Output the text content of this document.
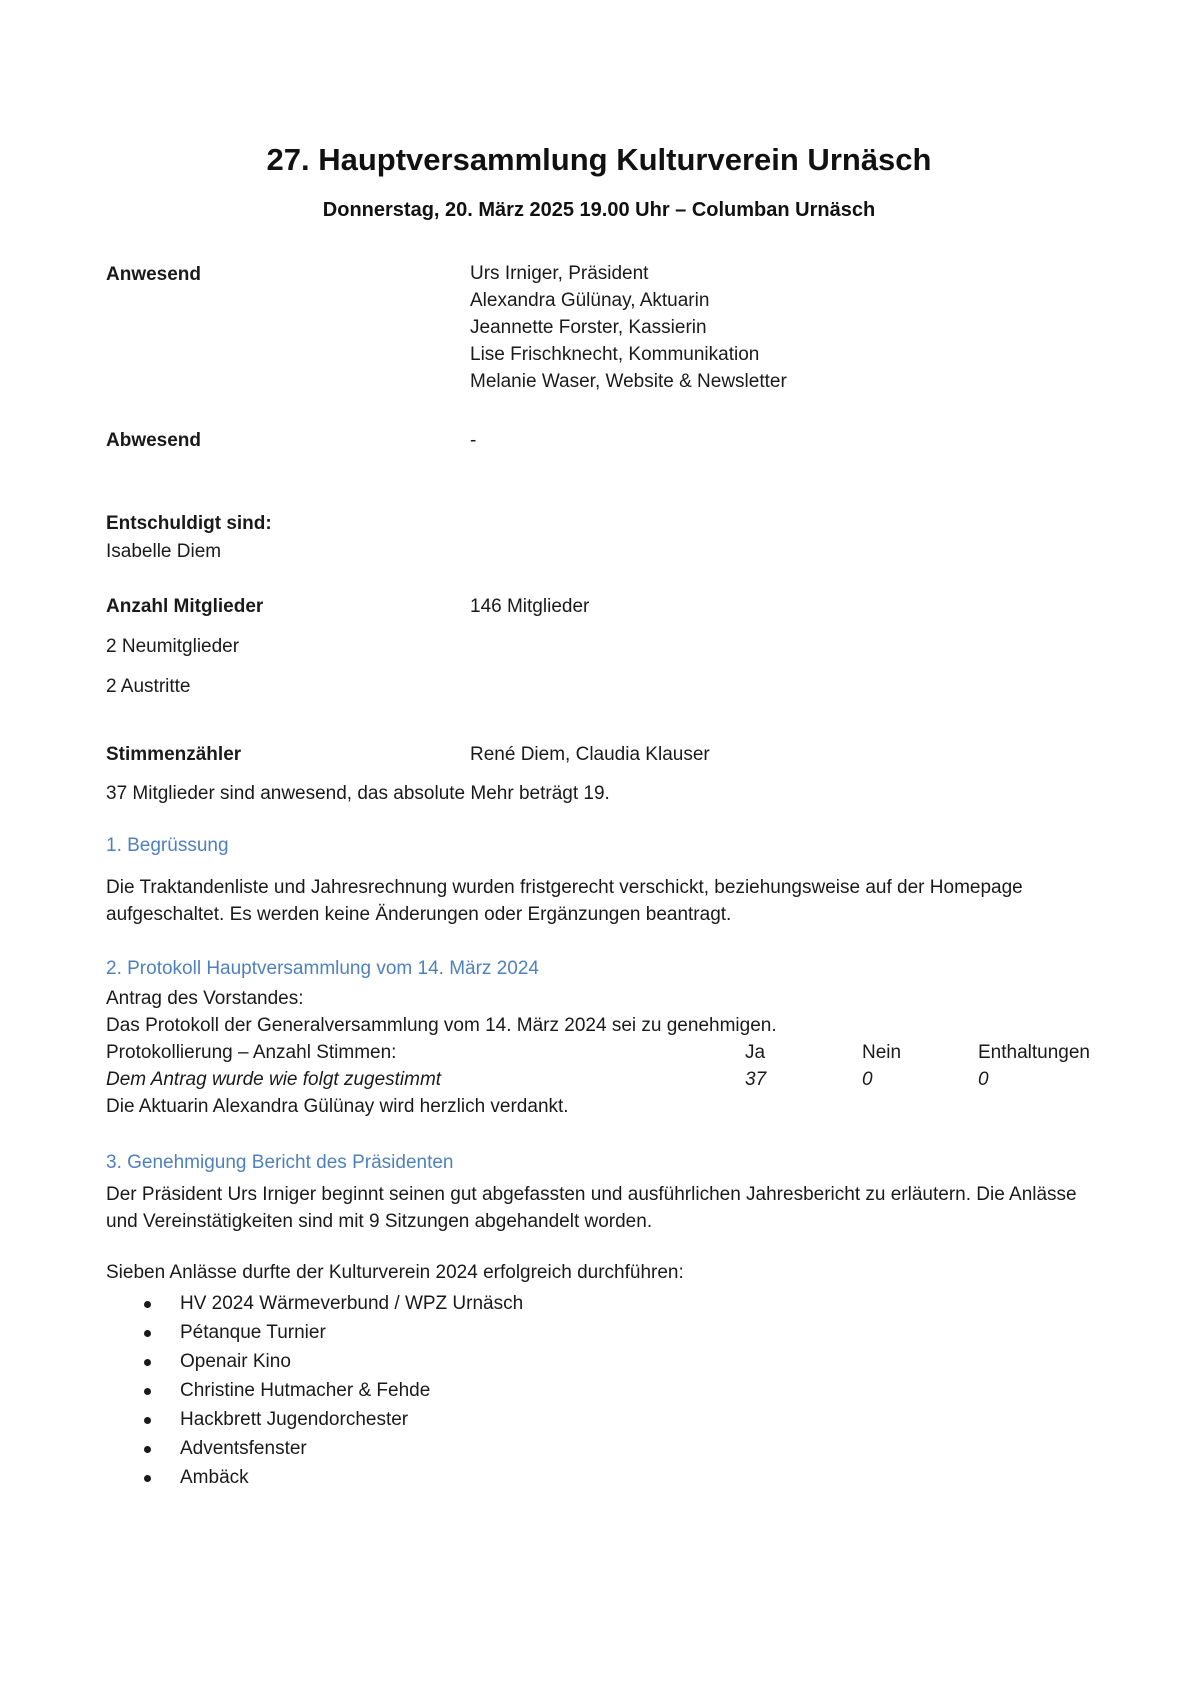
27. Hauptversammlung Kulturverein Urnäsch
Donnerstag, 20. März 2025 19.00 Uhr – Columban Urnäsch
Anwesend	Urs Irniger, Präsident
Alexandra Gülünay, Aktuarin
Jeannette Forster, Kassierin
Lise Frischknecht, Kommunikation
Melanie Waser, Website & Newsletter
Abwesend	-
Entschuldigt sind:
Isabelle Diem
Anzahl Mitglieder	146 Mitglieder
2 Neumitglieder
2 Austritte
Stimmenzähler	René Diem, Claudia Klauser
37 Mitglieder sind anwesend, das absolute Mehr beträgt 19.
1. Begrüssung
Die Traktandenliste und Jahresrechnung wurden fristgerecht verschickt, beziehungsweise auf der Homepage aufgeschaltet. Es werden keine Änderungen oder Ergänzungen beantragt.
2. Protokoll Hauptversammlung vom 14. März 2024
Antrag des Vorstandes:
Das Protokoll der Generalversammlung vom 14. März 2024 sei zu genehmigen.
Protokollierung – Anzahl Stimmen:	Ja	Nein	Enthaltungen
Dem Antrag wurde wie folgt zugestimmt	37	0	0
Die Aktuarin Alexandra Gülünay wird herzlich verdankt.
3. Genehmigung Bericht des Präsidenten
Der Präsident Urs Irniger beginnt seinen gut abgefassten und ausführlichen Jahresbericht zu erläutern. Die Anlässe und Vereinstätigkeiten sind mit 9 Sitzungen abgehandelt worden.
Sieben Anlässe durfte der Kulturverein 2024 erfolgreich durchführen:
HV 2024 Wärmeverbund / WPZ Urnäsch
Pétanque Turnier
Openair Kino
Christine Hutmacher & Fehde
Hackbrett Jugendorchester
Adventsfenster
Ambäck
